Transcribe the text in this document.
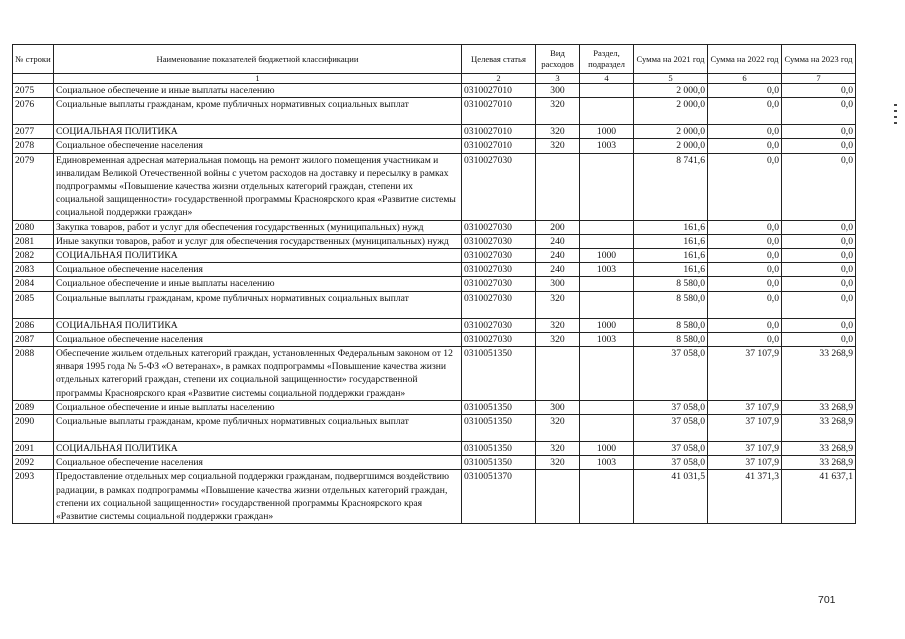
№ строки	Наименование показателей бюджетной классификации	Целевая статья	Вид расходов	Раздел, подраздел	Сумма на 2021 год	Сумма на 2022 год	Сумма на 2023 год
	1	2	3	4	5	6	7
2075	Социальное обеспечение и иные выплаты населению	0310027010	300		2 000,0	0,0	0,0
2076	Социальные выплаты гражданам, кроме публичных нормативных социальных выплат	0310027010	320		2 000,0	0,0	0,0
2077	СОЦИАЛЬНАЯ ПОЛИТИКА	0310027010	320	1000	2 000,0	0,0	0,0
2078	Социальное обеспечение населения	0310027010	320	1003	2 000,0	0,0	0,0
2079	Единовременная адресная материальная помощь на ремонт жилого помещения участникам и инвалидам Великой Отечественной войны с учетом расходов на доставку и пересылку в рамках подпрограммы «Повышение качества жизни отдельных категорий граждан, степени их социальной защищенности» государственной программы Красноярского края «Развитие системы социальной поддержки граждан»	0310027030			8 741,6	0,0	0,0
2080	Закупка товаров, работ и услуг для обеспечения государственных (муниципальных) нужд	0310027030	200		161,6	0,0	0,0
2081	Иные закупки товаров, работ и услуг для обеспечения государственных (муниципальных) нужд	0310027030	240		161,6	0,0	0,0
2082	СОЦИАЛЬНАЯ ПОЛИТИКА	0310027030	240	1000	161,6	0,0	0,0
2083	Социальное обеспечение населения	0310027030	240	1003	161,6	0,0	0,0
2084	Социальное обеспечение и иные выплаты населению	0310027030	300		8 580,0	0,0	0,0
2085	Социальные выплаты гражданам, кроме публичных нормативных социальных выплат	0310027030	320		8 580,0	0,0	0,0
2086	СОЦИАЛЬНАЯ ПОЛИТИКА	0310027030	320	1000	8 580,0	0,0	0,0
2087	Социальное обеспечение населения	0310027030	320	1003	8 580,0	0,0	0,0
2088	Обеспечение жильем отдельных категорий граждан, установленных Федеральным законом от 12 января 1995 года № 5-ФЗ «О ветеранах», в рамках подпрограммы «Повышение качества жизни отдельных категорий граждан, степени их социальной защищенности» государственной программы Красноярского края «Развитие системы социальной поддержки граждан»	0310051350			37 058,0	37 107,9	33 268,9
2089	Социальное обеспечение и иные выплаты населению	0310051350	300		37 058,0	37 107,9	33 268,9
2090	Социальные выплаты гражданам, кроме публичных нормативных социальных выплат	0310051350	320		37 058,0	37 107,9	33 268,9
2091	СОЦИАЛЬНАЯ ПОЛИТИКА	0310051350	320	1000	37 058,0	37 107,9	33 268,9
2092	Социальное обеспечение населения	0310051350	320	1003	37 058,0	37 107,9	33 268,9
2093	Предоставление отдельных мер социальной поддержки гражданам, подвергшимся воздействию радиации, в рамках подпрограммы «Повышение качества жизни отдельных категорий граждан, степени их социальной защищенности» государственной программы Красноярского края «Развитие системы социальной поддержки граждан»	0310051370			41 031,5	41 371,3	41 637,1
701
